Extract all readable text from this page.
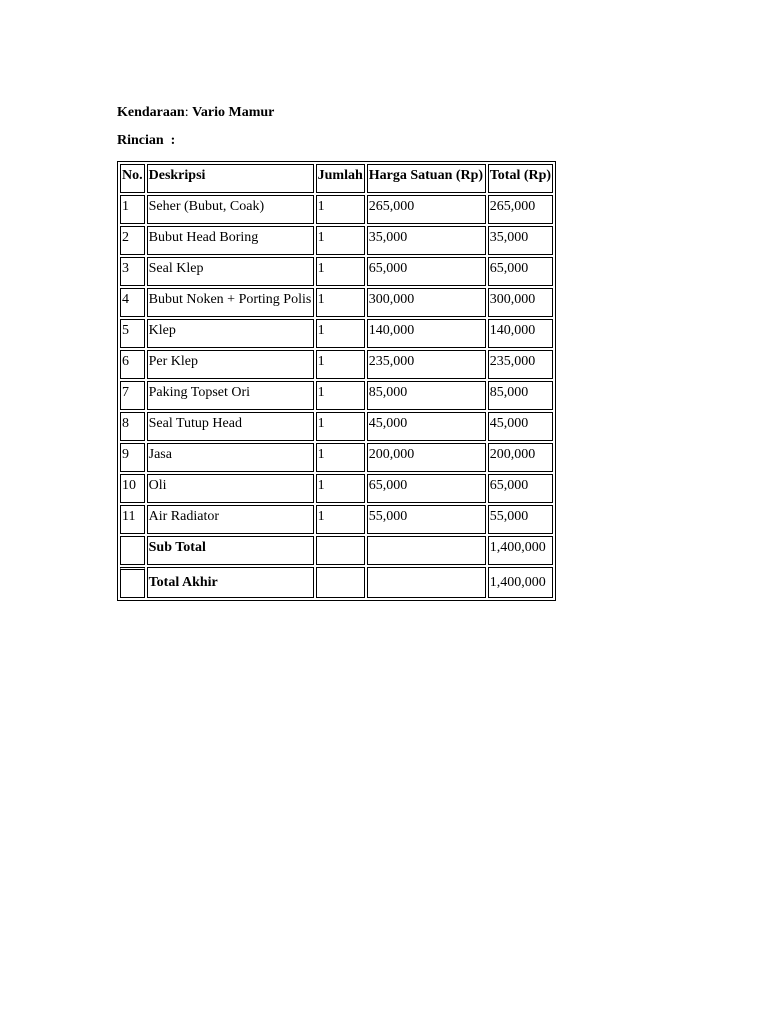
Kendaraan: Vario Mamur
Rincian  :
No.	Deskripsi	Jumlah	Harga Satuan (Rp)	Total (Rp)
1	Seher (Bubut, Coak)	1	265,000	265,000
2	Bubut Head Boring	1	35,000	35,000
3	Seal Klep	1	65,000	65,000
4	Bubut Noken + Porting Polis	1	300,000	300,000
5	Klep	1	140,000	140,000
6	Per Klep	1	235,000	235,000
7	Paking Topset Ori	1	85,000	85,000
8	Seal Tutup Head	1	45,000	45,000
9	Jasa	1	200,000	200,000
10	Oli	1	65,000	65,000
11	Air Radiator	1	55,000	55,000
	Sub Total			1,400,000
	Total Akhir			1,400,000
